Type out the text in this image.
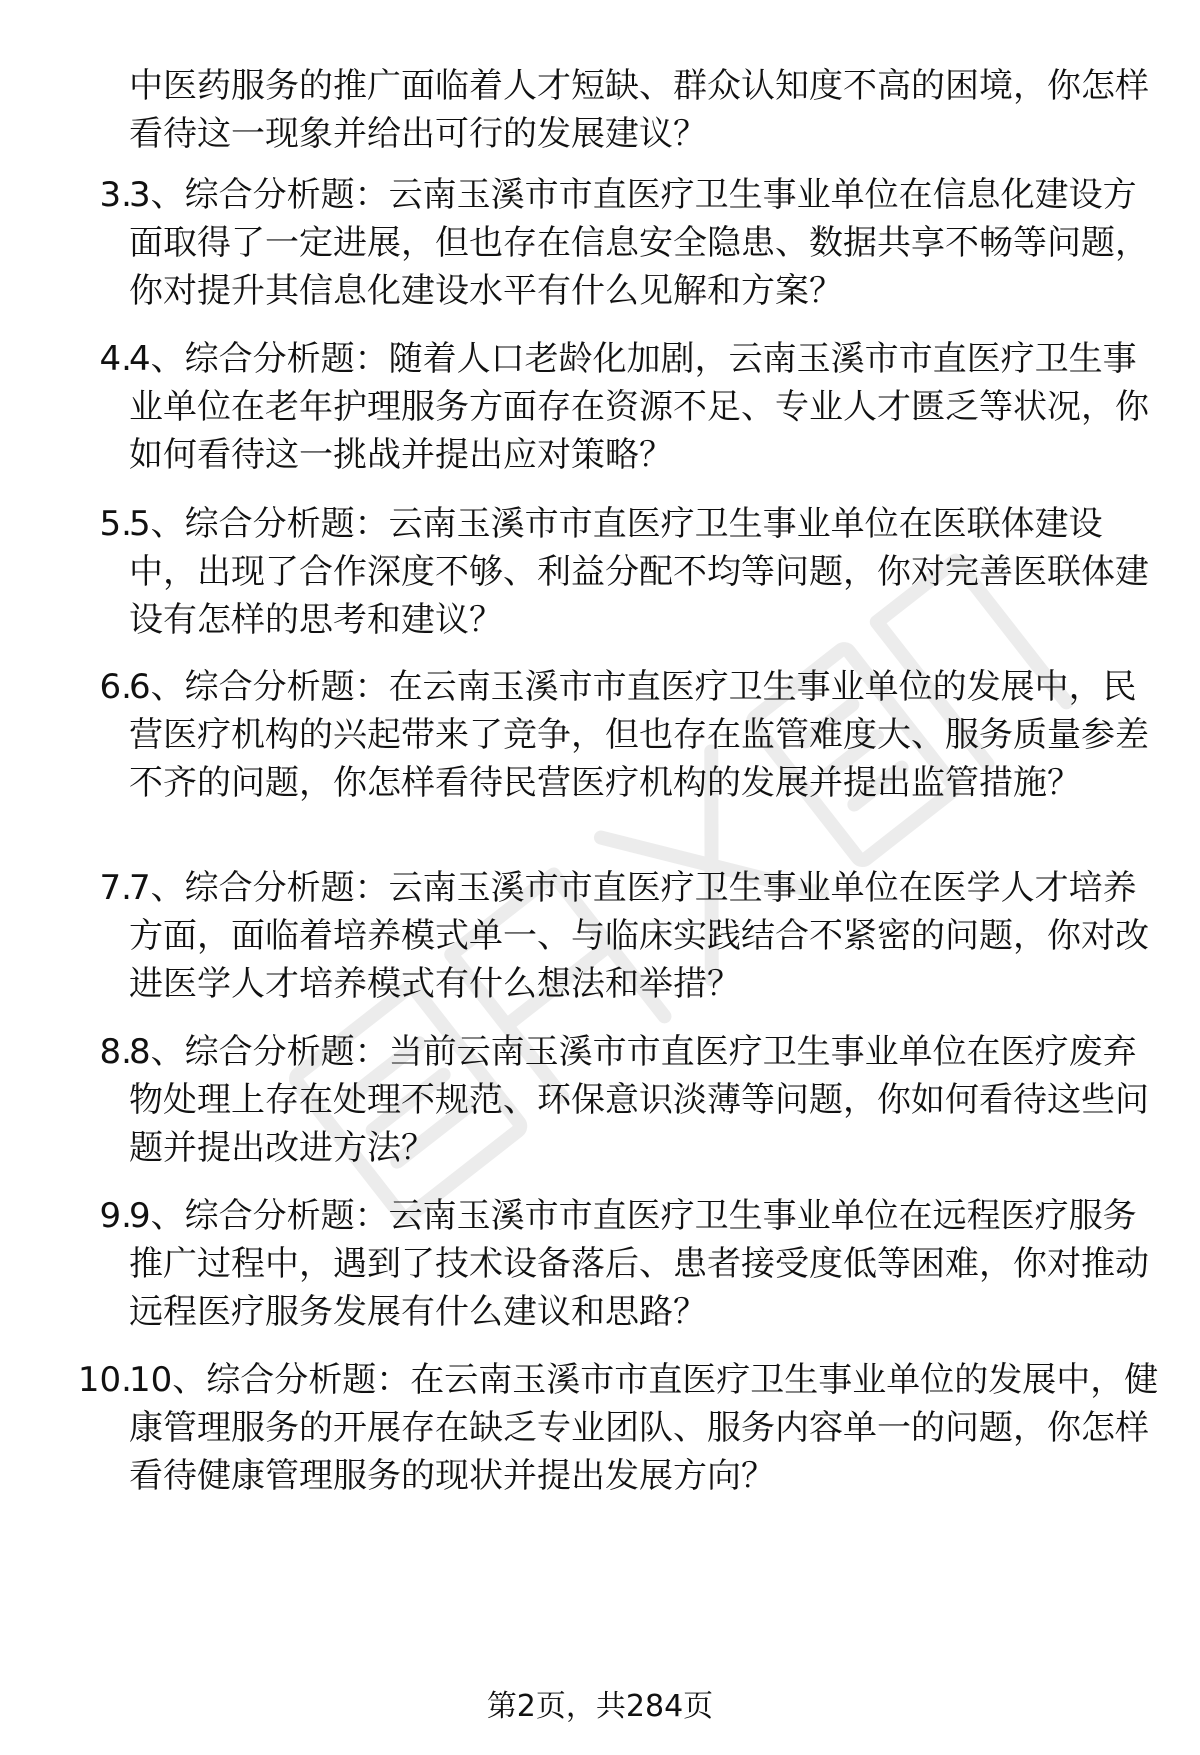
中医药服务的推广面临着人才短缺、群众认知度不高的困境，你怎样看待这一现象并给出可行的发展建议？

3.

3、综合分析题：云南玉溪市市直医疗卫生事业单位在信息化建设方面取得了一定进展，但也存在信息安全隐患、数据共享不畅等问题，你对提升其信息化建设水平有什么见解和方案？

4.

4、综合分析题：随着人口老龄化加剧，云南玉溪市市直医疗卫生事业单位在老年护理服务方面存在资源不足、专业人才匮乏等状况，你如何看待这一挑战并提出应对策略？

5.

5、综合分析题：云南玉溪市市直医疗卫生事业单位在医联体建设中，出现了合作深度不够、利益分配不均等问题，你对完善医联体建设有怎样的思考和建议？

6.

6、综合分析题：在云南玉溪市市直医疗卫生事业单位的发展中，民营医疗机构的兴起带来了竞争，但也存在监管难度大、服务质量参差不齐的问题，你怎样看待民营医疗机构的发展并提出监管措施？

7.

7、综合分析题：云南玉溪市市直医疗卫生事业单位在医学人才培养方面，面临着培养模式单一、与临床实践结合不紧密的问题，你对改进医学人才培养模式有什么想法和举措？

8.

8、综合分析题：当前云南玉溪市市直医疗卫生事业单位在医疗废弃物处理上存在处理不规范、环保意识淡薄等问题，你如何看待这些问题并提出改进方法？

9.

9、综合分析题：云南玉溪市市直医疗卫生事业单位在远程医疗服务推广过程中，遇到了技术设备落后、患者接受度低等困难，你对推动远程医疗服务发展有什么建议和思路？

10.

10、综合分析题：在云南玉溪市市直医疗卫生事业单位的发展中，健康管理服务的开展存在缺乏专业团队、服务内容单一的问题，你怎样看待健康管理服务的现状并提出发展方向？

第2页，共284页
